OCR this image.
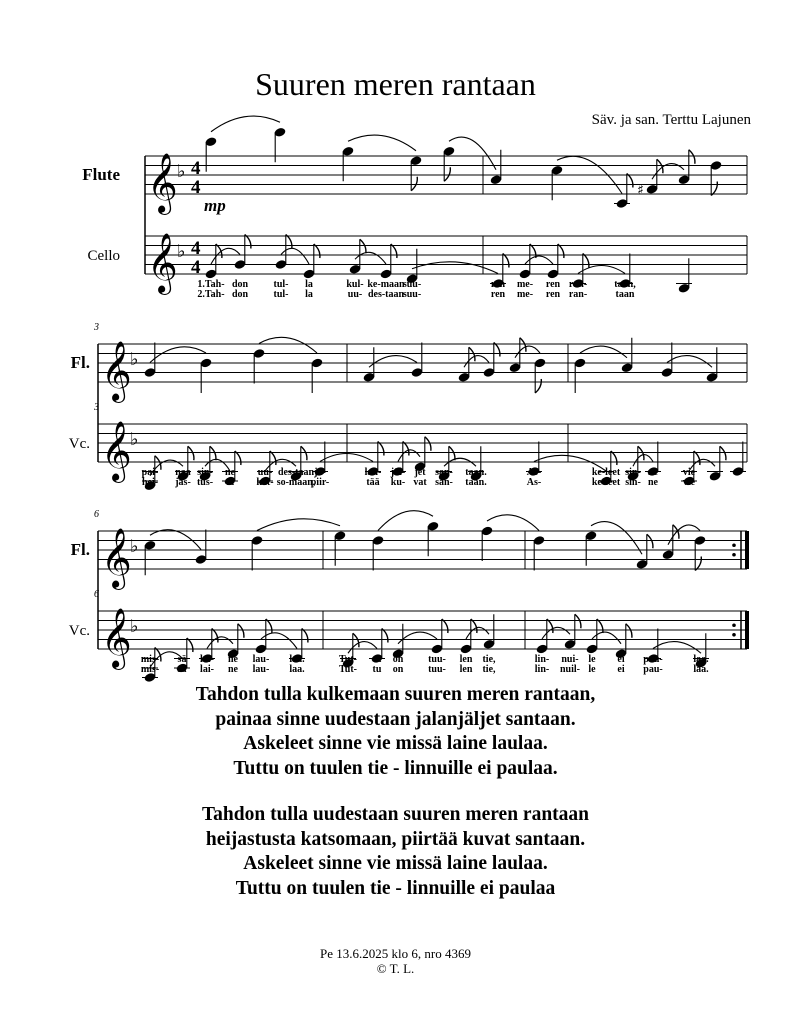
Suuren meren rantaan
Säv. ja san. Terttu Lajunen
𝄞 ♭ 4
4
𝄞 ♭ 4
4
Flute
Cello
♯
mp
1.Tah- don	tul- la	kul- ke-maan
suu-	ren me- ren ran-	taan,
2.Tah- don	tul- la	uu- des-taan
suu-	ren me- ren ran-	taan
𝄞
♭
𝄞
♭
Fl.
Vc.
3
3
pai- naa sin- ne uu- des-taan ja-	lan- jäl- jet san- taan.	As-	ke-leet sin- ne vie
hei- jas- tus- ta kat- so-maan,
piir-	tää ku- vat san- taan.	As-	ke-leet sin- ne vie
𝄞
♭
𝄞
♭
Fl.
Vc.
6
6
mis- sä lai- ne lau- laa.	Tut- tu on tuu- len tie,	lin- nui- le ei pau-	laa.
mis- sä lai- ne lau- laa.	Tut- tu on tuu- len tie,	lin- nuil- le ei pau-	laa.
Tahdon tulla kulkemaan suuren meren rantaan,
painaa sinne uudestaan jalanjäljet santaan.
Askeleet sinne vie missä laine laulaa.
Tuttu on tuulen tie - linnuille ei paulaa.
Tahdon tulla uudestaan suuren meren rantaan
heijastusta katsomaan, piirtää kuvat santaan.
Askeleet sinne vie missä laine laulaa.
Tuttu on tuulen tie - linnuille ei paulaa
Pe 13.6.2025 klo 6, nro 4369
© T. L.
